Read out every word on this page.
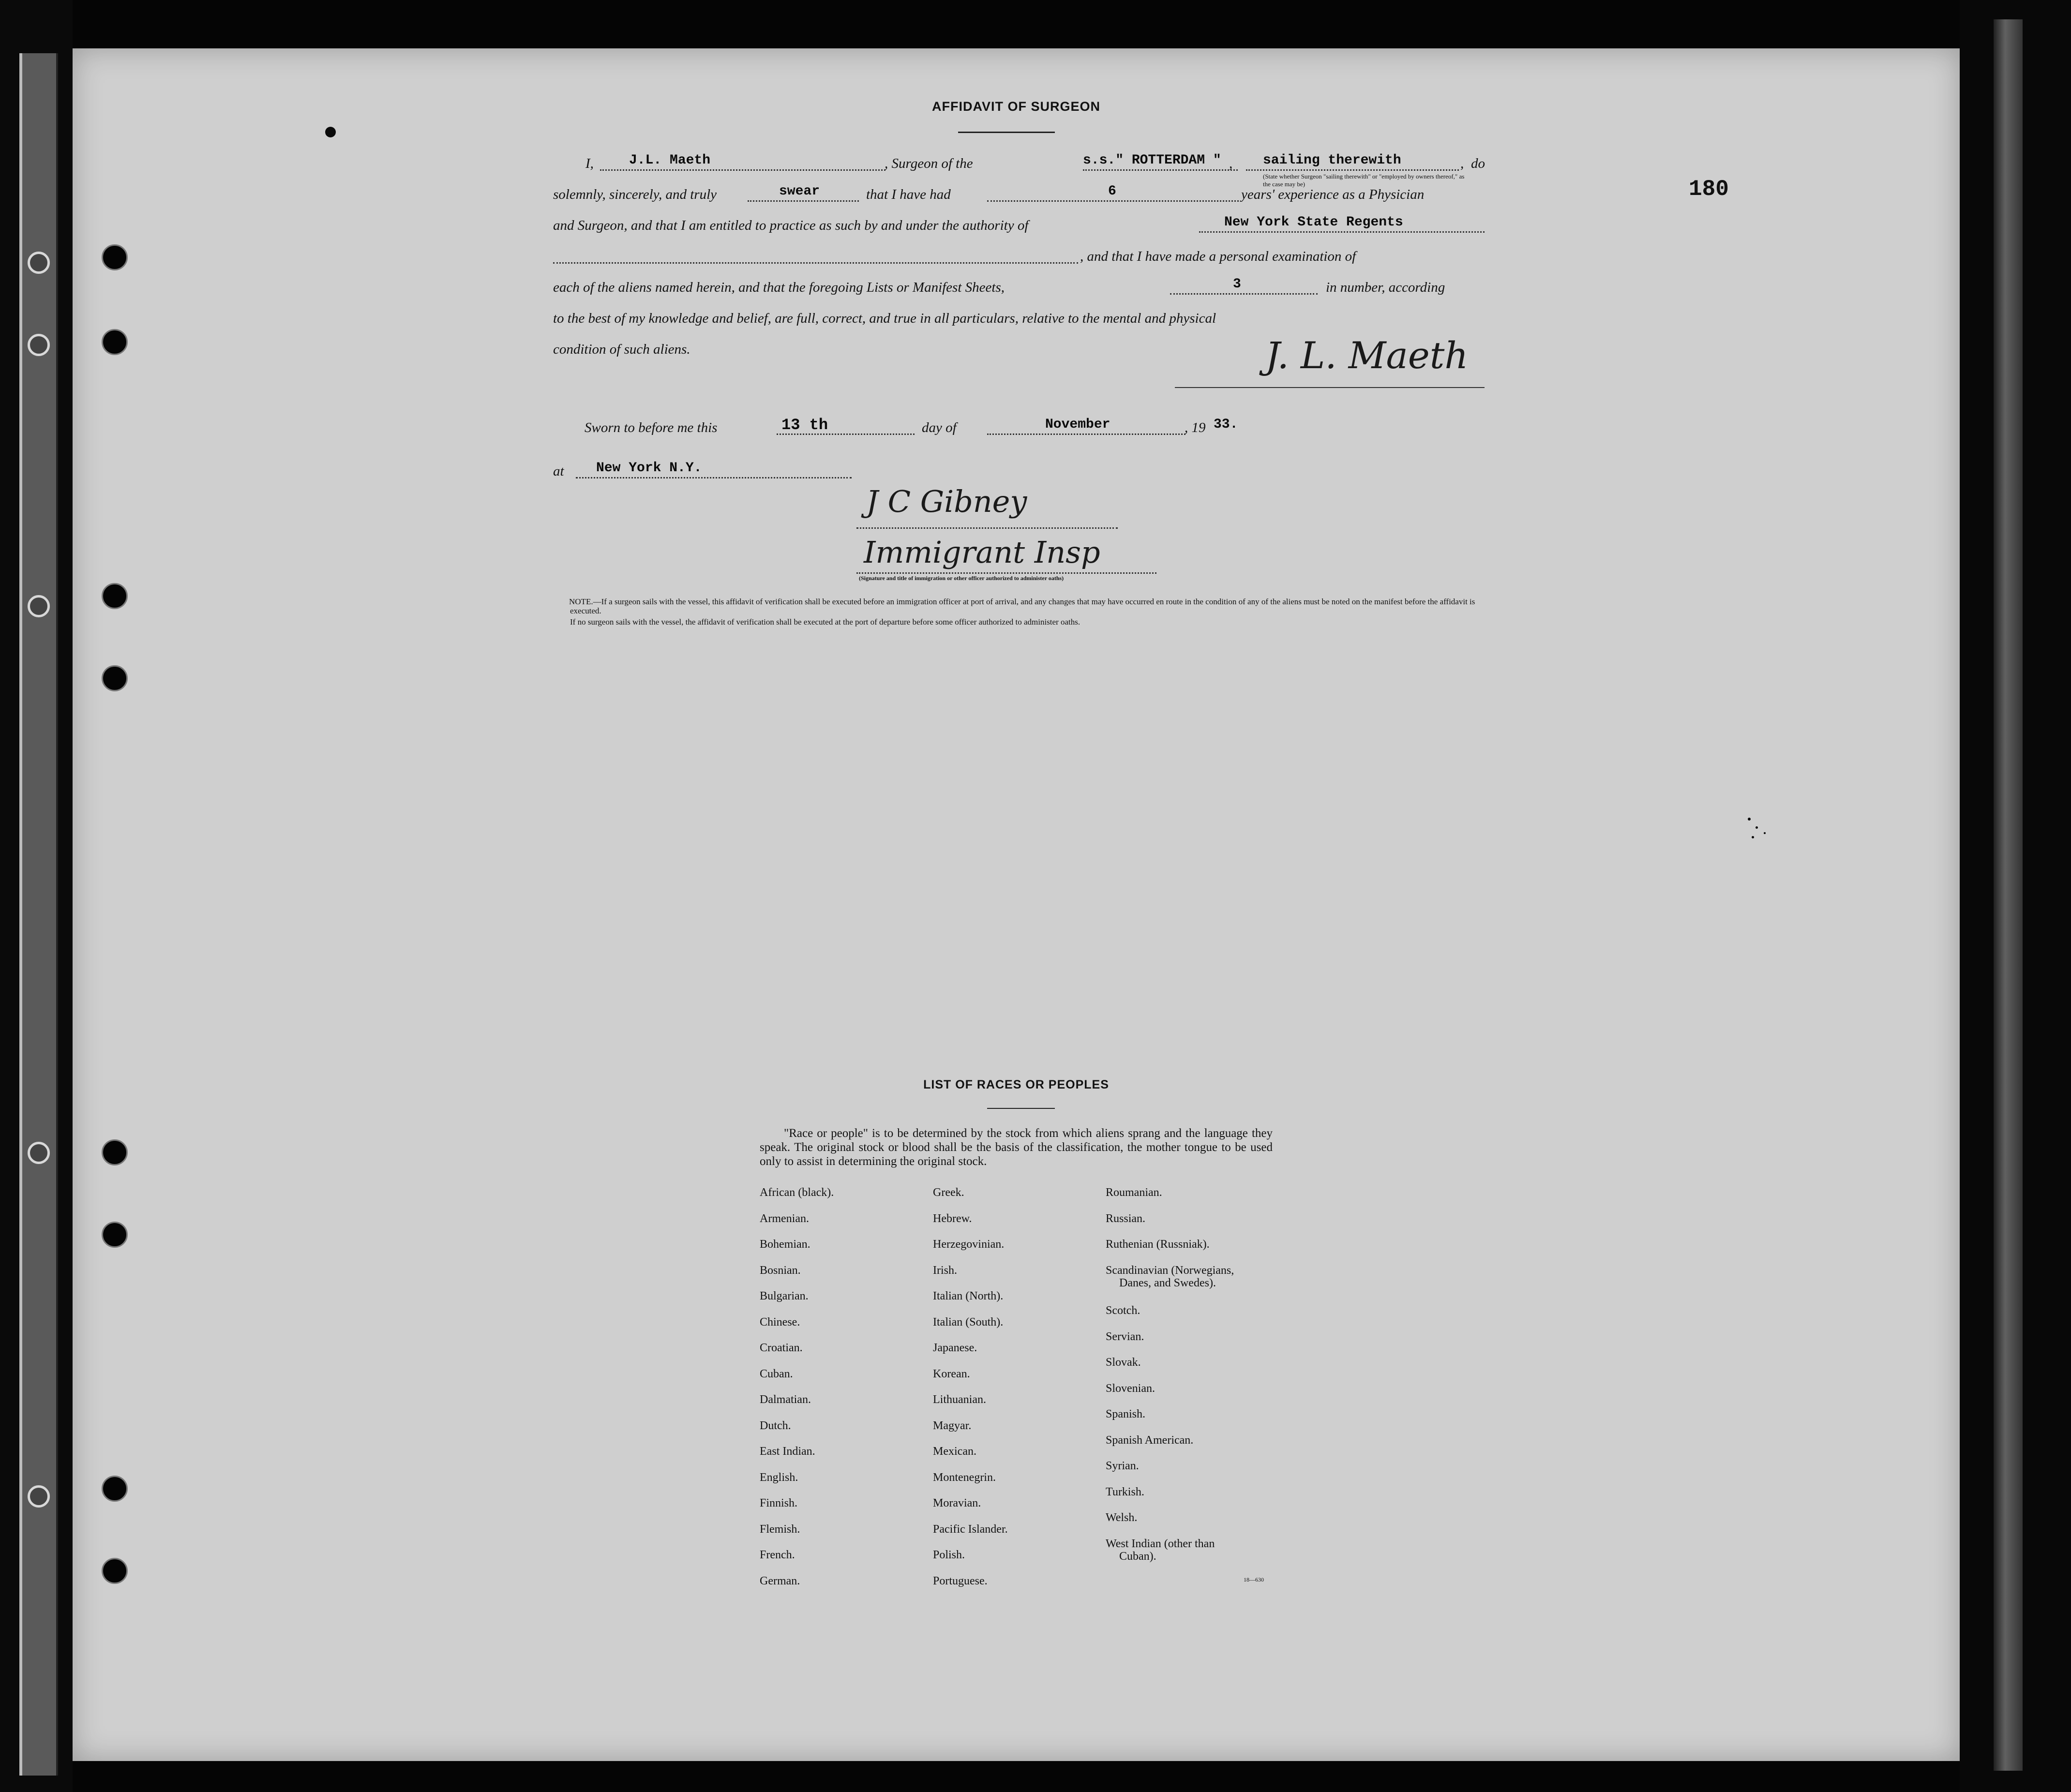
180
AFFIDAVIT OF SURGEON
I,	J.L. Maeth	, Surgeon of the	s.s." ROTTERDAM " , sailing therewith	, do
(State whether Surgeon "sailing therewith" or "employed by owners thereof," as the case may be)
solemnly, sincerely, and truly	swear	that I have had	6	years' experience as a Physician
and Surgeon, and that I am entitled to practice as such by and under the authority of	New York State Regents
, and that I have made a personal examination of
each of the aliens named herein, and that the foregoing Lists or Manifest Sheets,	3	in number, according
to the best of my knowledge and belief, are full, correct, and true in all particulars, relative to the mental and physical
condition of such aliens.	J. L. Maeth
Sworn to before me this	13 th	day of	November	, 19 33.
at New York N.Y.
J C Gibney
Immigrant Insp
(Signature and title of immigration or other officer authorized to administer oaths)
NOTE.—If a surgeon sails with the vessel, this affidavit of verification shall be executed before an immigration officer at port of arrival, and any changes that may have occurred en route in the condition of any of the aliens must be noted on the manifest before the affidavit is executed.
If no surgeon sails with the vessel, the affidavit of verification shall be executed at the port of departure before some officer authorized to administer oaths.
LIST OF RACES OR PEOPLES
"Race or people" is to be determined by the stock from which aliens sprang and the language they speak. The original stock or blood shall be the basis of the classification, the mother tongue to be used only to assist in determining the original stock.
African (black).
Armenian.
Bohemian.
Bosnian.
Bulgarian.
Chinese.
Croatian.
Cuban.
Dalmatian.
Dutch.
East Indian.
English.
Finnish.
Flemish.
French.
German.
Greek.
Hebrew.
Herzegovinian.
Irish.
Italian (North).
Italian (South).
Japanese.
Korean.
Lithuanian.
Magyar.
Mexican.
Montenegrin.
Moravian.
Pacific Islander.
Polish.
Portuguese.
Roumanian.
Russian.
Ruthenian (Russniak).
Scandinavian (Norwegians,
Danes, and Swedes).
Scotch.
Servian.
Slovak.
Slovenian.
Spanish.
Spanish American.
Syrian.
Turkish.
Welsh.
West Indian (other than
Cuban).
18—630
